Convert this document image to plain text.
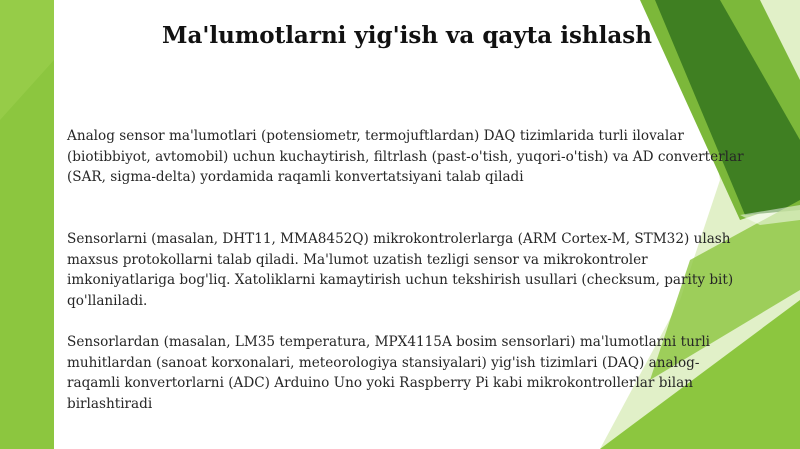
Ma'lumotlarni yig'ish va qayta ishlash

Analog sensor ma'lumotlari (potensiometr, termojuftlardan) DAQ tizimlarida turli ilovalar (biotibbiyot, avtomobil) uchun kuchaytirish, filtrlash (past-o'tish, yuqori-o'tish) va AD converterlar (SAR, sigma-delta) yordamida raqamli konvertatsiyani talab qiladi

Sensorlarni (masalan, DHT11, MMA8452Q) mikrokontrolerlarga (ARM Cortex-M, STM32) ulash maxsus protokollarni talab qiladi. Ma'lumot uzatish tezligi sensor va mikrokontroler imkoniyatlariga bog'liq. Xatoliklarni kamaytirish uchun tekshirish usullari (checksum, parity bit) qo'llaniladi.

Sensorlardan (masalan, LM35 temperatura, MPX4115A bosim sensorlari) ma'lumotlarni turli muhitlardan (sanoat korxonalari, meteorologiya stansiyalari) yig'ish tizimlari (DAQ) analog-raqamli konvertorlarni (ADC) Arduino Uno yoki Raspberry Pi kabi mikrokontrollerlar bilan birlashtiradi
